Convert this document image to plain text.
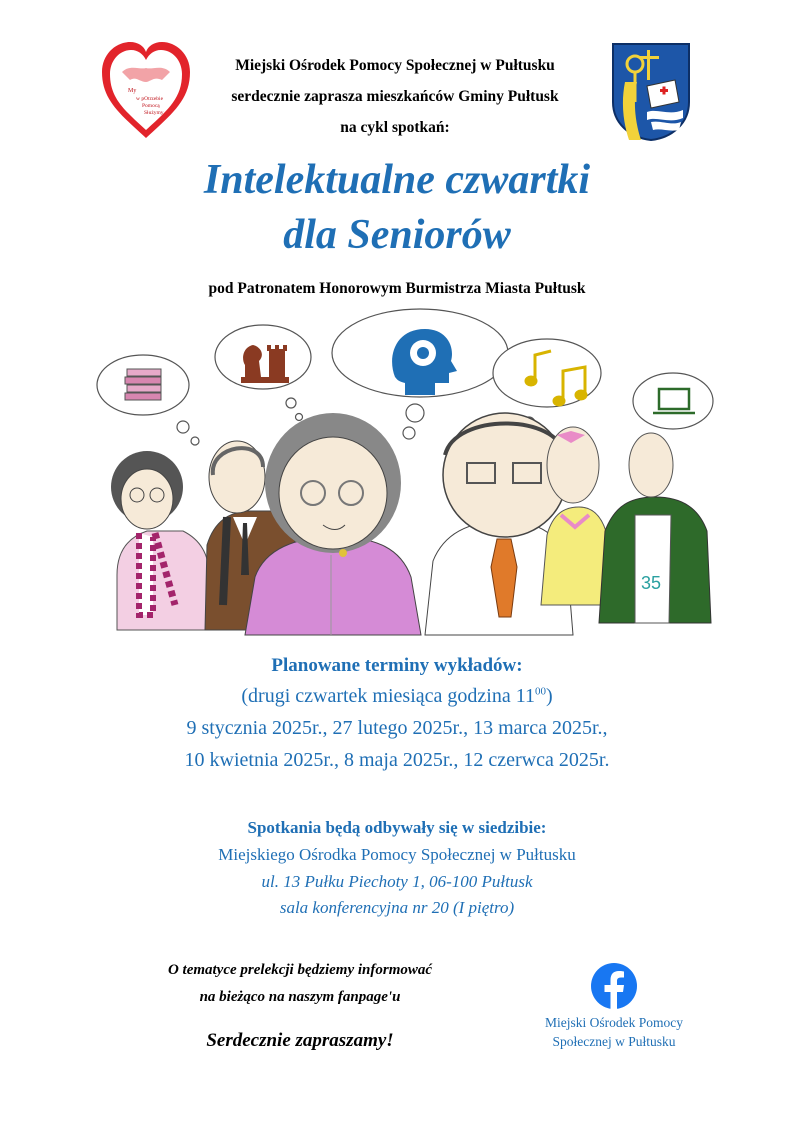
My
w pOtrzebie
Pomocą
Służymy
Miejski Ośrodek Pomocy Społecznej w Pułtusku
serdecznie zaprasza mieszkańców Gminy Pułtusk
na cykl spotkań:
Intelektualne czwartki
dla Seniorów
pod Patronatem Honorowym Burmistrza Miasta Pułtusk
35
Planowane terminy wykładów:
(drugi czwartek miesiąca godzina $11^{00}$)
9 stycznia 2025r., 27 lutego 2025r., 13 marca 2025r.,
10 kwietnia 2025r., 8 maja 2025r., 12 czerwca 2025r.
Spotkania będą odbywały się w siedzibie:
Miejskiego Ośrodka Pomocy Społecznej w Pułtusku
ul. 13 Pułku Piechoty 1, 06-100 Pułtusk
sala konferencyjna nr 20 (I piętro)
O tematyce prelekcji będziemy informować
na bieżąco na naszym fanpage'u
Serdecznie zapraszamy!
Miejski Ośrodek Pomocy
Społecznej w Pułtusku
